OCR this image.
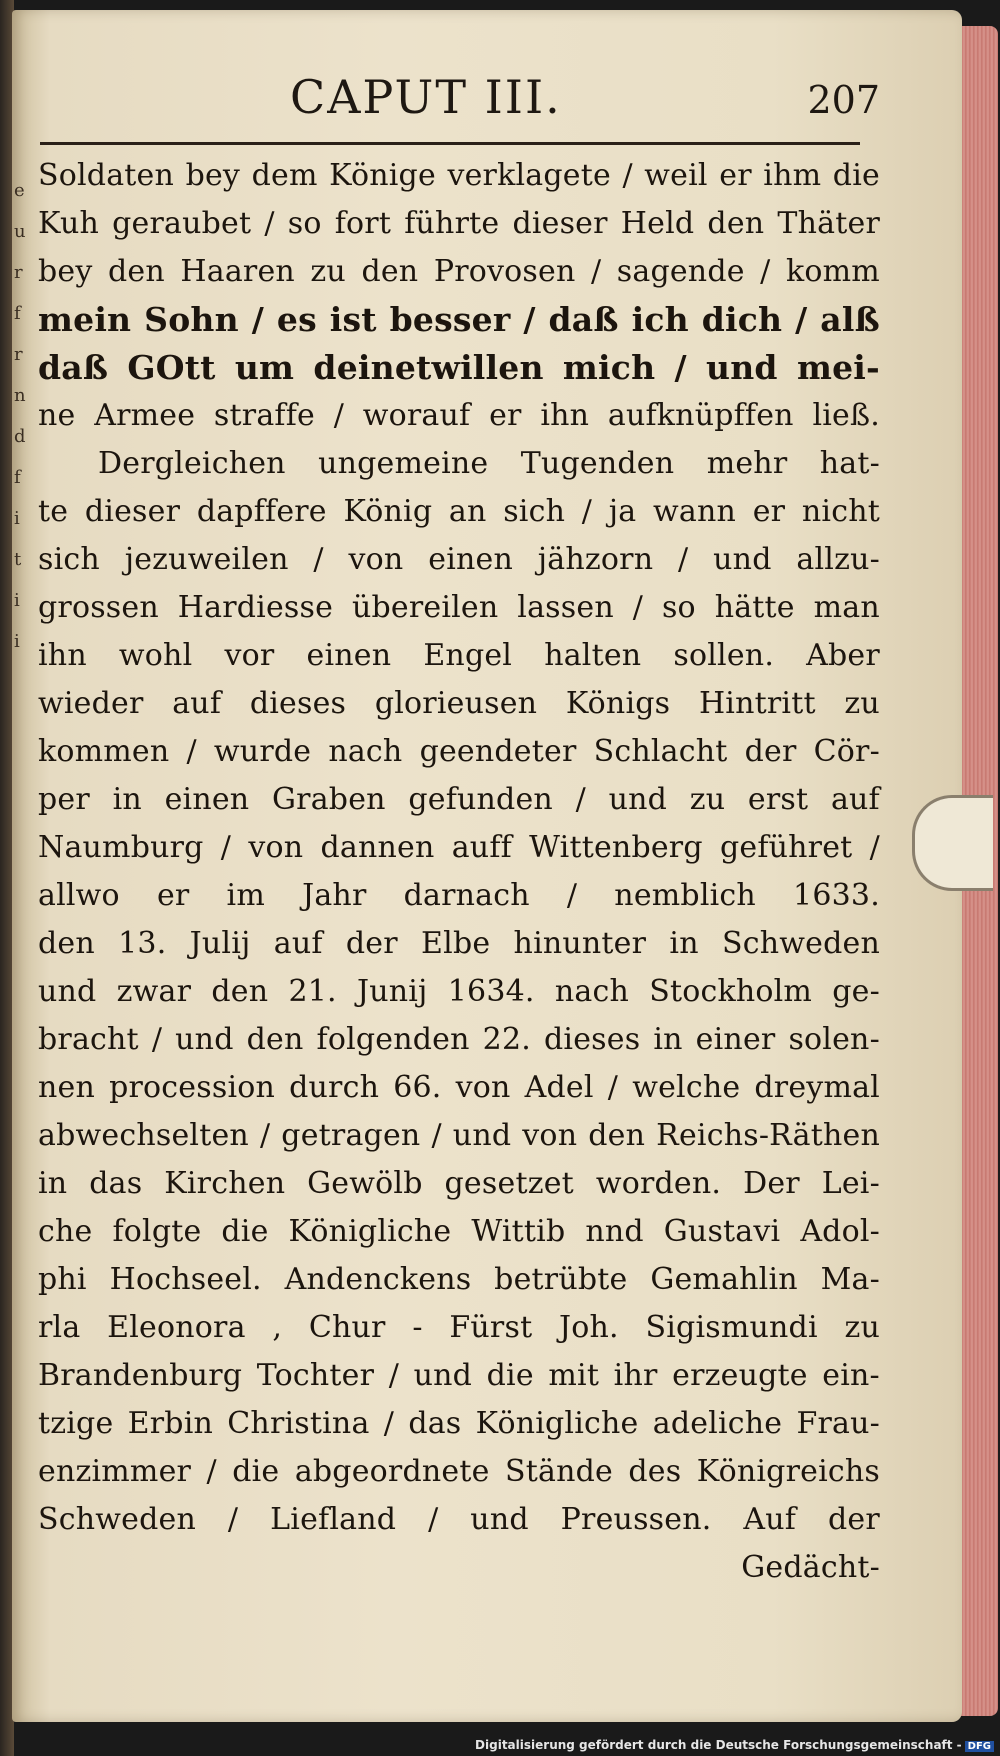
e
u
r
f
r
n
d
f
i
t
i
i
CAPUT III.	207
Soldaten bey dem Könige verklagete / weil er ihm die
Kuh geraubet / so fort führte dieser Held den Thäter
bey den Haaren zu den Provosen / sagende / komm
mein Sohn / es ist besser / daß ich dich / alß
daß GOtt um deinetwillen mich / und mei-
ne Armee straffe / worauf er ihn aufknüpffen ließ.
Dergleichen ungemeine Tugenden mehr hat-
te dieser dapffere König an sich / ja wann er nicht
sich jezuweilen / von einen jähzorn / und allzu-
grossen Hardiesse übereilen lassen / so hätte man
ihn wohl vor einen Engel halten sollen. Aber
wieder auf dieses glorieusen Königs Hintritt zu
kommen / wurde nach geendeter Schlacht der Cör-
per in einen Graben gefunden / und zu erst auf
Naumburg / von dannen auff Wittenberg geführet /
allwo er im Jahr darnach / nemblich 1633.
den 13. Julij auf der Elbe hinunter in Schweden
und zwar den 21. Junij 1634. nach Stockholm ge-
bracht / und den folgenden 22. dieses in einer solen-
nen procession durch 66. von Adel / welche dreymal
abwechselten / getragen / und von den Reichs-Räthen
in das Kirchen Gewölb gesetzet worden. Der Lei-
che folgte die Königliche Wittib nnd Gustavi Adol-
phi Hochseel. Andenckens betrübte Gemahlin Ma-
rla Eleonora , Chur - Fürst Joh. Sigismundi zu
Brandenburg Tochter / und die mit ihr erzeugte ein-
tzige Erbin Christina / das Königliche adeliche Frau-
enzimmer / die abgeordnete Stände des Königreichs
Schweden / Liefland / und Preussen. Auf der
Gedächt-
Digitalisierung gefördert durch die Deutsche Forschungsgemeinschaft - DFG
